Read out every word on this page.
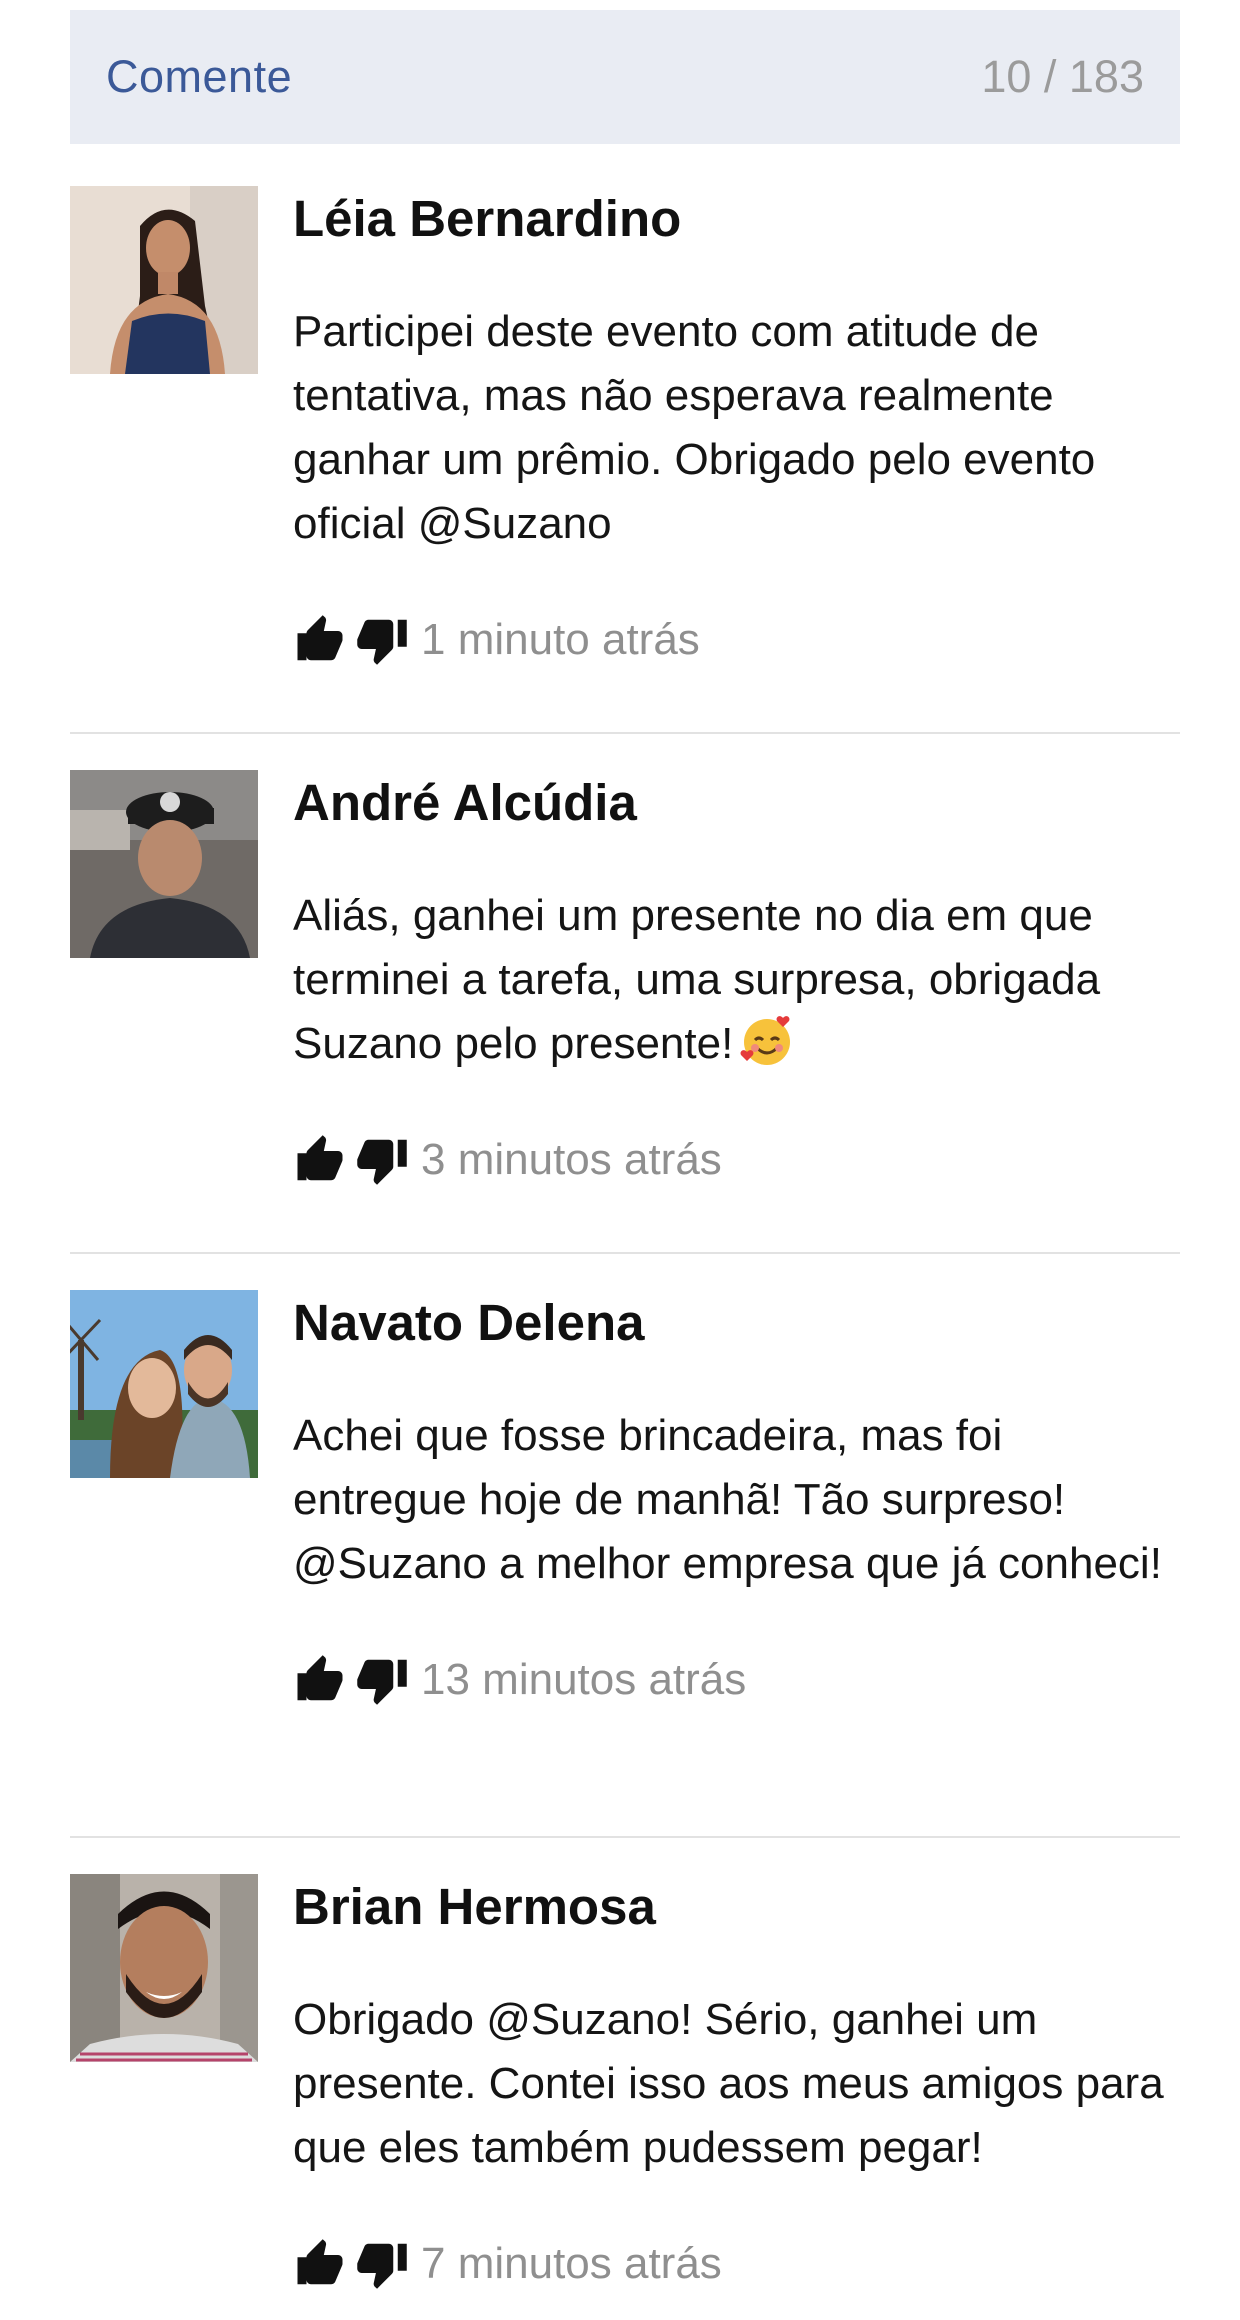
Comente	10 / 183
Léia Bernardino
Participei deste evento com atitude de tentativa, mas não esperava realmente ganhar um prêmio. Obrigado pelo evento oficial @Suzano
1 minuto atrás
André Alcúdia
Aliás, ganhei um presente no dia em que terminei a tarefa, uma surpresa, obrigada Suzano pelo presente!
3 minutos atrás
Navato Delena
Achei que fosse brincadeira, mas foi entregue hoje de manhã! Tão surpreso! @Suzano a melhor empresa que já conheci!
13 minutos atrás
Brian Hermosa
Obrigado @Suzano! Sério, ganhei um presente. Contei isso aos meus amigos para que eles também pudessem pegar!
7 minutos atrás
